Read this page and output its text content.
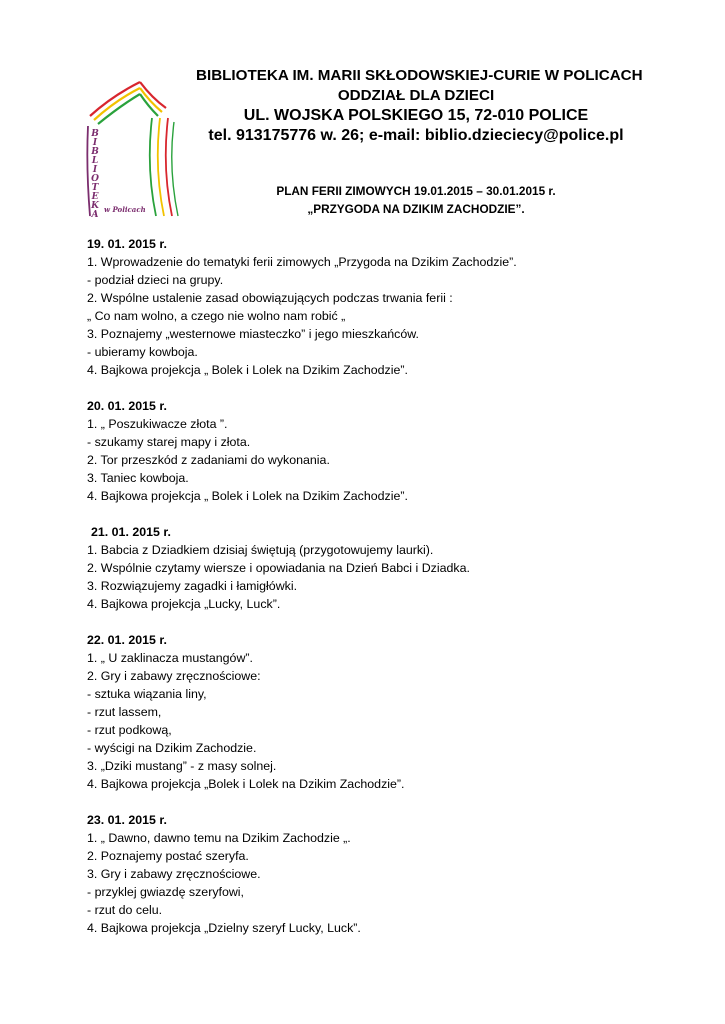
B
I
B
L
I
O
T
E
K
A
w Policach
BIBLIOTEKA IM. MARII SKŁODOWSKIEJ-CURIE W POLICACH
ODDZIAŁ DLA DZIECI
UL. WOJSKA POLSKIEGO 15, 72-010 POLICE
tel. 913175776 w. 26; e-mail: biblio.dzieciecy@police.pl
PLAN FERII ZIMOWYCH 19.01.2015 – 30.01.2015 r.
„PRZYGODA NA DZIKIM ZACHODZIE”.
19. 01. 2015 r.
1. Wprowadzenie do tematyki ferii zimowych „Przygoda na Dzikim Zachodzie”.
- podział dzieci na grupy.
2. Wspólne ustalenie zasad obowiązujących podczas trwania ferii :
„ Co nam wolno, a czego nie wolno nam robić „
3. Poznajemy „westernowe miasteczko” i jego mieszkańców.
- ubieramy kowboja.
4. Bajkowa projekcja „ Bolek i Lolek na Dzikim Zachodzie”.
20. 01. 2015 r.
1. „ Poszukiwacze złota ”.
- szukamy starej mapy i złota.
2. Tor przeszkód z zadaniami do wykonania.
3. Taniec kowboja.
4. Bajkowa projekcja „ Bolek i Lolek na Dzikim Zachodzie”.
21. 01. 2015 r.
1. Babcia z Dziadkiem dzisiaj świętują (przygotowujemy laurki).
2. Wspólnie czytamy wiersze i opowiadania na Dzień Babci i Dziadka.
3. Rozwiązujemy zagadki i łamigłówki.
4. Bajkowa projekcja „Lucky, Luck”.
22. 01. 2015 r.
1. „ U zaklinacza mustangów”.
2. Gry i zabawy zręcznościowe:
- sztuka wiązania liny,
- rzut lassem,
- rzut podkową,
- wyścigi na Dzikim Zachodzie.
3. „Dziki mustang” - z masy solnej.
4. Bajkowa projekcja „Bolek i Lolek na Dzikim Zachodzie”.
23. 01. 2015 r.
1. „ Dawno, dawno temu na Dzikim Zachodzie „.
2. Poznajemy postać szeryfa.
3. Gry i zabawy zręcznościowe.
- przyklej gwiazdę szeryfowi,
- rzut do celu.
4. Bajkowa projekcja „Dzielny szeryf Lucky, Luck”.
